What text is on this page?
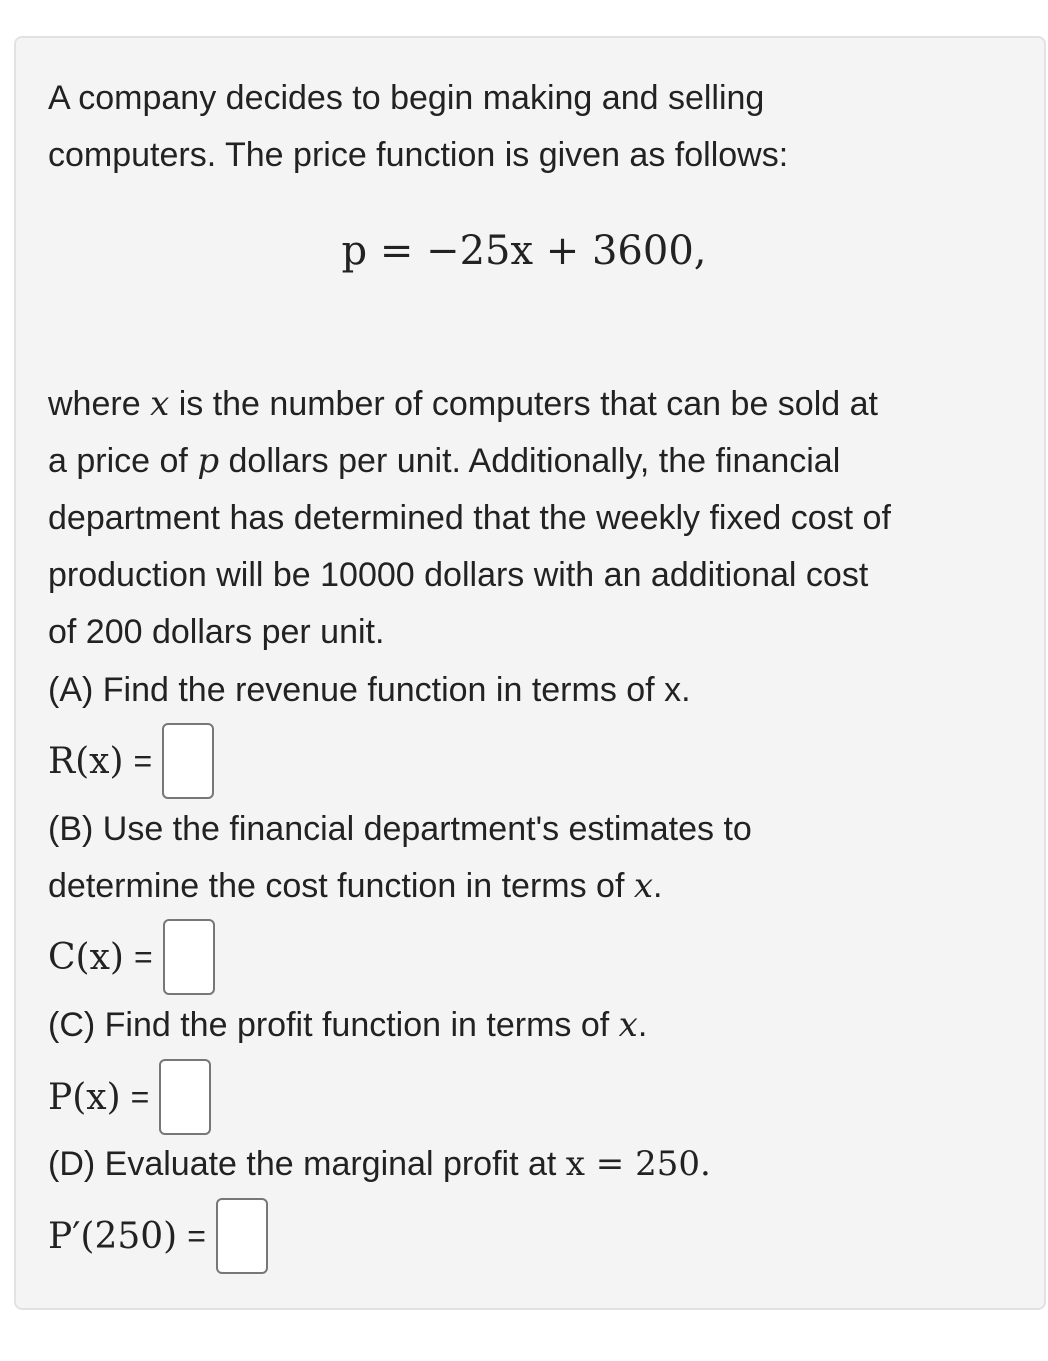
A company decides to begin making and selling
computers. The price function is given as follows:
p = −25x + 3600,
where x is the number of computers that can be sold at
a price of p dollars per unit. Additionally, the financial
department has determined that the weekly fixed cost of
production will be 10000 dollars with an additional cost
of 200 dollars per unit.
(A) Find the revenue function in terms of x.
R(x) =
(B) Use the financial department's estimates to
determine the cost function in terms of x.
C(x) =
(C) Find the profit function in terms of x.
P(x) =
(D) Evaluate the marginal profit at x = 250.
P′(250) =
